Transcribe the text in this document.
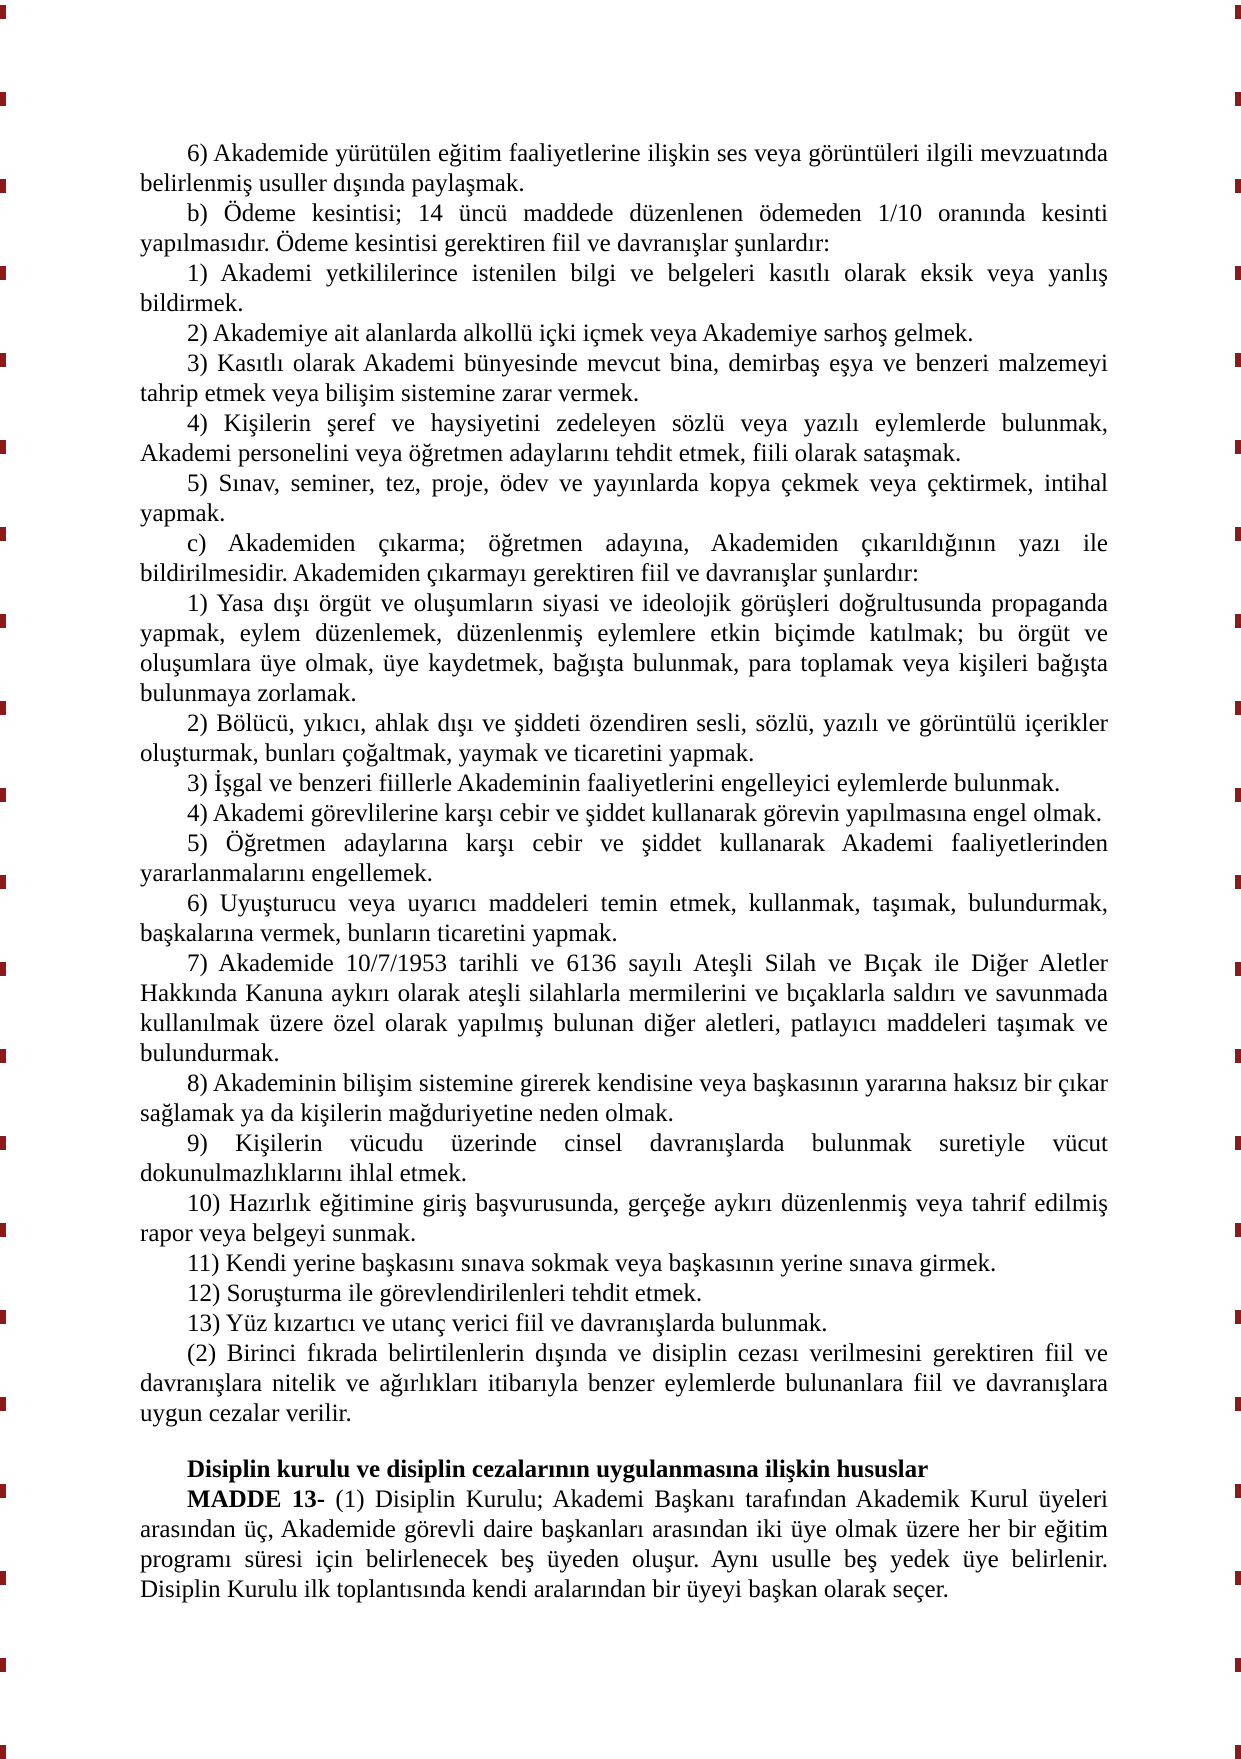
6) Akademide yürütülen eğitim faaliyetlerine ilişkin ses veya görüntüleri ilgili mevzuatında belirlenmiş usuller dışında paylaşmak.

b) Ödeme kesintisi; 14 üncü maddede düzenlenen ödemeden 1/10 oranında kesinti yapılmasıdır. Ödeme kesintisi gerektiren fiil ve davranışlar şunlardır:

1) Akademi yetkililerince istenilen bilgi ve belgeleri kasıtlı olarak eksik veya yanlış bildirmek.

2) Akademiye ait alanlarda alkollü içki içmek veya Akademiye sarhoş gelmek.

3) Kasıtlı olarak Akademi bünyesinde mevcut bina, demirbaş eşya ve benzeri malzemeyi tahrip etmek veya bilişim sistemine zarar vermek.

4) Kişilerin şeref ve haysiyetini zedeleyen sözlü veya yazılı eylemlerde bulunmak, Akademi personelini veya öğretmen adaylarını tehdit etmek, fiili olarak sataşmak.

5) Sınav, seminer, tez, proje, ödev ve yayınlarda kopya çekmek veya çektirmek, intihal yapmak.

c) Akademiden çıkarma; öğretmen adayına, Akademiden çıkarıldığının yazı ile bildirilmesidir. Akademiden çıkarmayı gerektiren fiil ve davranışlar şunlardır:

1) Yasa dışı örgüt ve oluşumların siyasi ve ideolojik görüşleri doğrultusunda propaganda yapmak, eylem düzenlemek, düzenlenmiş eylemlere etkin biçimde katılmak; bu örgüt ve oluşumlara üye olmak, üye kaydetmek, bağışta bulunmak, para toplamak veya kişileri bağışta bulunmaya zorlamak.

2) Bölücü, yıkıcı, ahlak dışı ve şiddeti özendiren sesli, sözlü, yazılı ve görüntülü içerikler oluşturmak, bunları çoğaltmak, yaymak ve ticaretini yapmak.

3) İşgal ve benzeri fiillerle Akademinin faaliyetlerini engelleyici eylemlerde bulunmak.

4) Akademi görevlilerine karşı cebir ve şiddet kullanarak görevin yapılmasına engel olmak.

5) Öğretmen adaylarına karşı cebir ve şiddet kullanarak Akademi faaliyetlerinden yararlanmalarını engellemek.

6) Uyuşturucu veya uyarıcı maddeleri temin etmek, kullanmak, taşımak, bulundurmak, başkalarına vermek, bunların ticaretini yapmak.

7) Akademide 10/7/1953 tarihli ve 6136 sayılı Ateşli Silah ve Bıçak ile Diğer Aletler Hakkında Kanuna aykırı olarak ateşli silahlarla mermilerini ve bıçaklarla saldırı ve savunmada kullanılmak üzere özel olarak yapılmış bulunan diğer aletleri, patlayıcı maddeleri taşımak ve bulundurmak.

8) Akademinin bilişim sistemine girerek kendisine veya başkasının yararına haksız bir çıkar sağlamak ya da kişilerin mağduriyetine neden olmak.

9) Kişilerin vücudu üzerinde cinsel davranışlarda bulunmak suretiyle vücut dokunulmazlıklarını ihlal etmek.

10) Hazırlık eğitimine giriş başvurusunda, gerçeğe aykırı düzenlenmiş veya tahrif edilmiş rapor veya belgeyi sunmak.

11) Kendi yerine başkasını sınava sokmak veya başkasının yerine sınava girmek.

12) Soruşturma ile görevlendirilenleri tehdit etmek.

13) Yüz kızartıcı ve utanç verici fiil ve davranışlarda bulunmak.

(2) Birinci fıkrada belirtilenlerin dışında ve disiplin cezası verilmesini gerektiren fiil ve davranışlara nitelik ve ağırlıkları itibarıyla benzer eylemlerde bulunanlara fiil ve davranışlara uygun cezalar verilir.

Disiplin kurulu ve disiplin cezalarının uygulanmasına ilişkin hususlar

MADDE 13- (1) Disiplin Kurulu; Akademi Başkanı tarafından Akademik Kurul üyeleri arasından üç, Akademide görevli daire başkanları arasından iki üye olmak üzere her bir eğitim programı süresi için belirlenecek beş üyeden oluşur. Aynı usulle beş yedek üye belirlenir. Disiplin Kurulu ilk toplantısında kendi aralarından bir üyeyi başkan olarak seçer.
